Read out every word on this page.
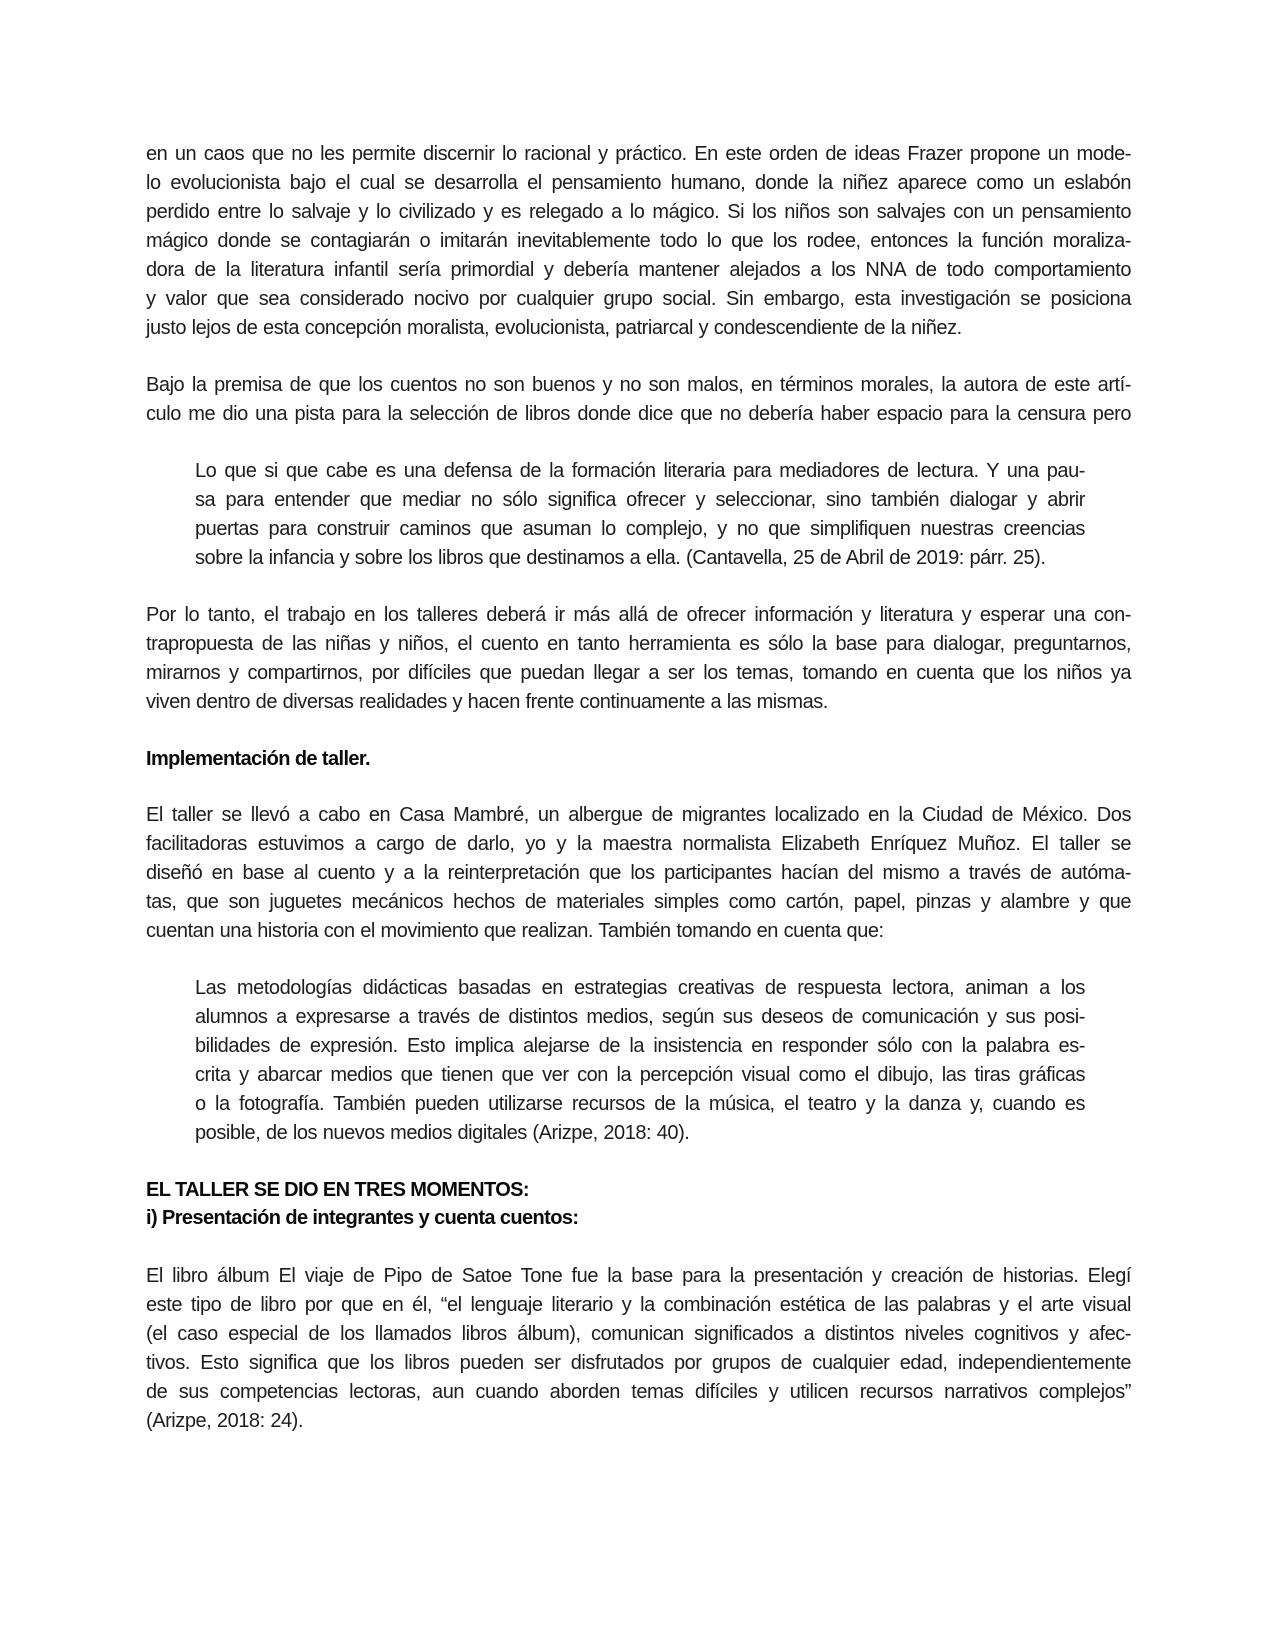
en un caos que no les permite discernir lo racional y práctico. En este orden de ideas Frazer propone un mode-
lo evolucionista bajo el cual se desarrolla el pensamiento humano, donde la niñez aparece como un eslabón
perdido entre lo salvaje y lo civilizado y es relegado a lo mágico. Si los niños son salvajes con un pensamiento
mágico donde se contagiarán o imitarán inevitablemente todo lo que los rodee, entonces la función moraliza-
dora de la literatura infantil sería primordial y debería mantener alejados a los NNA de todo comportamiento
y valor que sea considerado nocivo por cualquier grupo social. Sin embargo, esta investigación se posiciona
justo lejos de esta concepción moralista, evolucionista, patriarcal y condescendiente de la niñez.
Bajo la premisa de que los cuentos no son buenos y no son malos, en términos morales, la autora de este artí-
culo me dio una pista para la selección de libros donde dice que no debería haber espacio para la censura pero
Lo que si que cabe es una defensa de la formación literaria para mediadores de lectura. Y una pau-
sa para entender que mediar no sólo significa ofrecer y seleccionar, sino también dialogar y abrir
puertas para construir caminos que asuman lo complejo, y no que simplifiquen nuestras creencias
sobre la infancia y sobre los libros que destinamos a ella. (Cantavella, 25 de Abril de 2019: párr. 25).
Por lo tanto, el trabajo en los talleres deberá ir más allá de ofrecer información y literatura y esperar una con-
trapropuesta de las niñas y niños, el cuento en tanto herramienta es sólo la base para dialogar, preguntarnos,
mirarnos y compartirnos, por difíciles que puedan llegar a ser los temas, tomando en cuenta que los niños ya
viven dentro de diversas realidades y hacen frente continuamente a las mismas.
Implementación de taller.
El taller se llevó a cabo en Casa Mambré, un albergue de migrantes localizado en la Ciudad de México. Dos
facilitadoras estuvimos a cargo de darlo, yo y la maestra normalista Elizabeth Enríquez Muñoz. El taller se
diseñó en base al cuento y a la reinterpretación que los participantes hacían del mismo a través de autóma-
tas, que son juguetes mecánicos hechos de materiales simples como cartón, papel, pinzas y alambre y que
cuentan una historia con el movimiento que realizan. También tomando en cuenta que:
Las metodologías didácticas basadas en estrategias creativas de respuesta lectora, animan a los
alumnos a expresarse a través de distintos medios, según sus deseos de comunicación y sus posi-
bilidades de expresión. Esto implica alejarse de la insistencia en responder sólo con la palabra es-
crita y abarcar medios que tienen que ver con la percepción visual como el dibujo, las tiras gráficas
o la fotografía. También pueden utilizarse recursos de la música, el teatro y la danza y, cuando es
posible, de los nuevos medios digitales (Arizpe, 2018: 40).
EL TALLER SE DIO EN TRES MOMENTOS:
i) Presentación de integrantes y cuenta cuentos:
El libro álbum El viaje de Pipo de Satoe Tone fue la base para la presentación y creación de historias. Elegí
este tipo de libro por que en él, “el lenguaje literario y la combinación estética de las palabras y el arte visual
(el caso especial de los llamados libros álbum), comunican significados a distintos niveles cognitivos y afec-
tivos. Esto significa que los libros pueden ser disfrutados por grupos de cualquier edad, independientemente
de sus competencias lectoras, aun cuando aborden temas difíciles y utilicen recursos narrativos complejos”
(Arizpe, 2018: 24).
